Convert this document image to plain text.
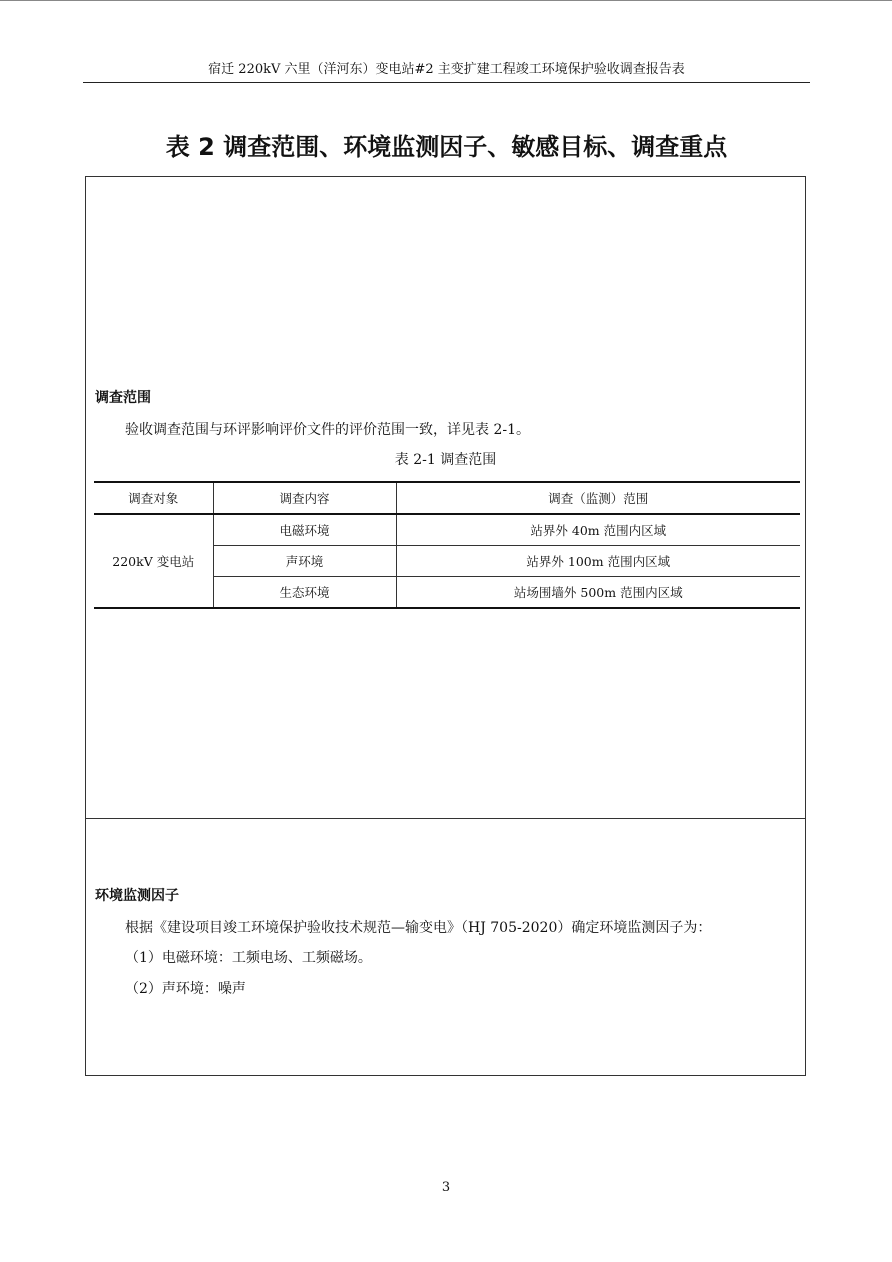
宿迁 220kV 六里（洋河东）变电站#2 主变扩建工程竣工环境保护验收调查报告表
表 2 调查范围、环境监测因子、敏感目标、调查重点
调查范围
验收调查范围与环评影响评价文件的评价范围一致，详见表 2-1。
表 2-1 调查范围
调查对象	调查内容	调查（监测）范围
220kV 变电站	电磁环境	站界外 40m 范围内区域
	声环境	站界外 100m 范围内区域
	生态环境	站场围墙外 500m 范围内区域
环境监测因子
根据《建设项目竣工环境保护验收技术规范—输变电》（HJ 705-2020）确定环境监测因子为：
（1）电磁环境：工频电场、工频磁场。
（2）声环境：噪声
3
